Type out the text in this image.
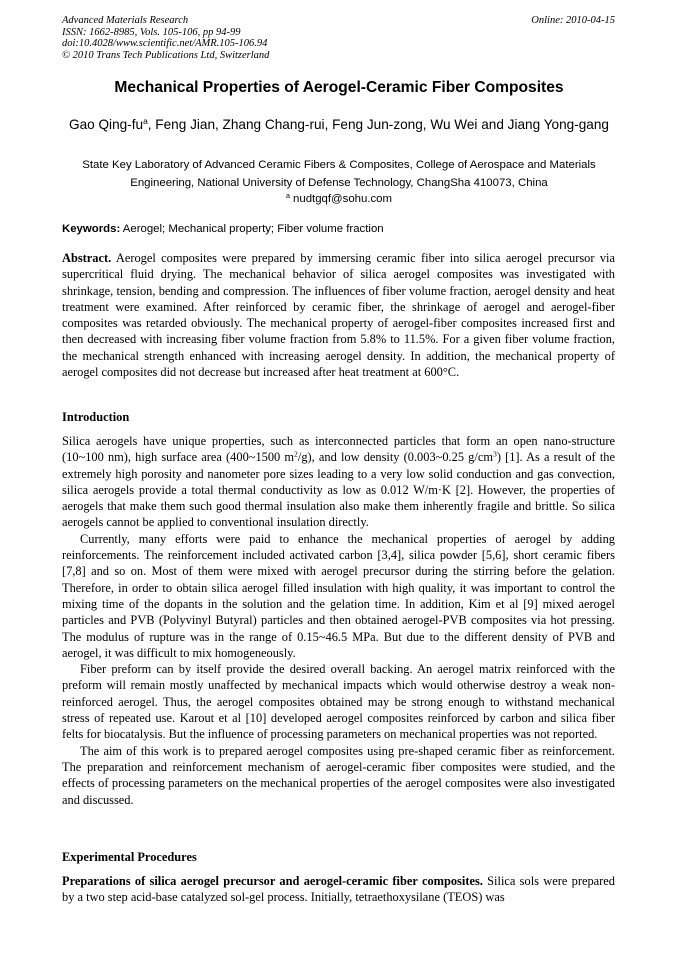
Advanced Materials Research
ISSN: 1662-8985, Vols. 105-106, pp 94-99
doi:10.4028/www.scientific.net/AMR.105-106.94
© 2010 Trans Tech Publications Ltd, Switzerland
Online: 2010-04-15
Mechanical Properties of Aerogel-Ceramic Fiber Composites
Gao Qing-$fu^a$, Feng Jian, Zhang Chang-rui, Feng Jun-zong, Wu Wei and Jiang Yong-gang
State Key Laboratory of Advanced Ceramic Fibers & Composites, College of Aerospace and Materials Engineering, National University of Defense Technology, ChangSha 410073, China
$^a$ nudtgqf@sohu.com
Keywords: Aerogel; Mechanical property; Fiber volume fraction

Abstract. Aerogel composites were prepared by immersing ceramic fiber into silica aerogel precursor via supercritical fluid drying. The mechanical behavior of silica aerogel composites was investigated with shrinkage, tension, bending and compression. The influences of fiber volume fraction, aerogel density and heat treatment were examined. After reinforced by ceramic fiber, the shrinkage of aerogel and aerogel-fiber composites was retarded obviously. The mechanical property of aerogel-fiber composites increased first and then decreased with increasing fiber volume fraction from 5.8% to 11.5%. For a given fiber volume fraction, the mechanical strength enhanced with increasing aerogel density. In addition, the mechanical property of aerogel composites did not decrease but increased after heat treatment at 600°C.

Introduction

Silica aerogels have unique properties, such as interconnected particles that form an open nano-structure (10~100 nm), high surface area (400~1500 $m^2/g$), and low density (0.003~0.25 $g/cm^3$) [1]. As a result of the extremely high porosity and nanometer pore sizes leading to a very low solid conduction and gas convection, silica aerogels provide a total thermal conductivity as low as 0.012 W/m·K [2]. However, the properties of aerogels that make them such good thermal insulation also make them inherently fragile and brittle. So silica aerogels cannot be applied to conventional insulation directly.

Currently, many efforts were paid to enhance the mechanical properties of aerogel by adding reinforcements. The reinforcement included activated carbon [3,4], silica powder [5,6], short ceramic fibers [7,8] and so on. Most of them were mixed with aerogel precursor during the stirring before the gelation. Therefore, in order to obtain silica aerogel filled insulation with high quality, it was important to control the mixing time of the dopants in the solution and the gelation time. In addition, Kim et al [9] mixed aerogel particles and PVB (Polyvinyl Butyral) particles and then obtained aerogel-PVB composites via hot pressing. The modulus of rupture was in the range of 0.15~46.5 MPa. But due to the different density of PVB and aerogel, it was difficult to mix homogeneously.

Fiber preform can by itself provide the desired overall backing. An aerogel matrix reinforced with the preform will remain mostly unaffected by mechanical impacts which would otherwise destroy a weak non-reinforced aerogel. Thus, the aerogel composites obtained may be strong enough to withstand mechanical stress of repeated use. Karout et al [10] developed aerogel composites reinforced by carbon and silica fiber felts for biocatalysis. But the influence of processing parameters on mechanical properties was not reported.

The aim of this work is to prepared aerogel composites using pre-shaped ceramic fiber as reinforcement. The preparation and reinforcement mechanism of aerogel-ceramic fiber composites were studied, and the effects of processing parameters on the mechanical properties of the aerogel composites were also investigated and discussed.

Experimental Procedures

Preparations of silica aerogel precursor and aerogel-ceramic fiber composites. Silica sols were prepared by a two step acid-base catalyzed sol-gel process. Initially, tetraethoxysilane (TEOS) was
